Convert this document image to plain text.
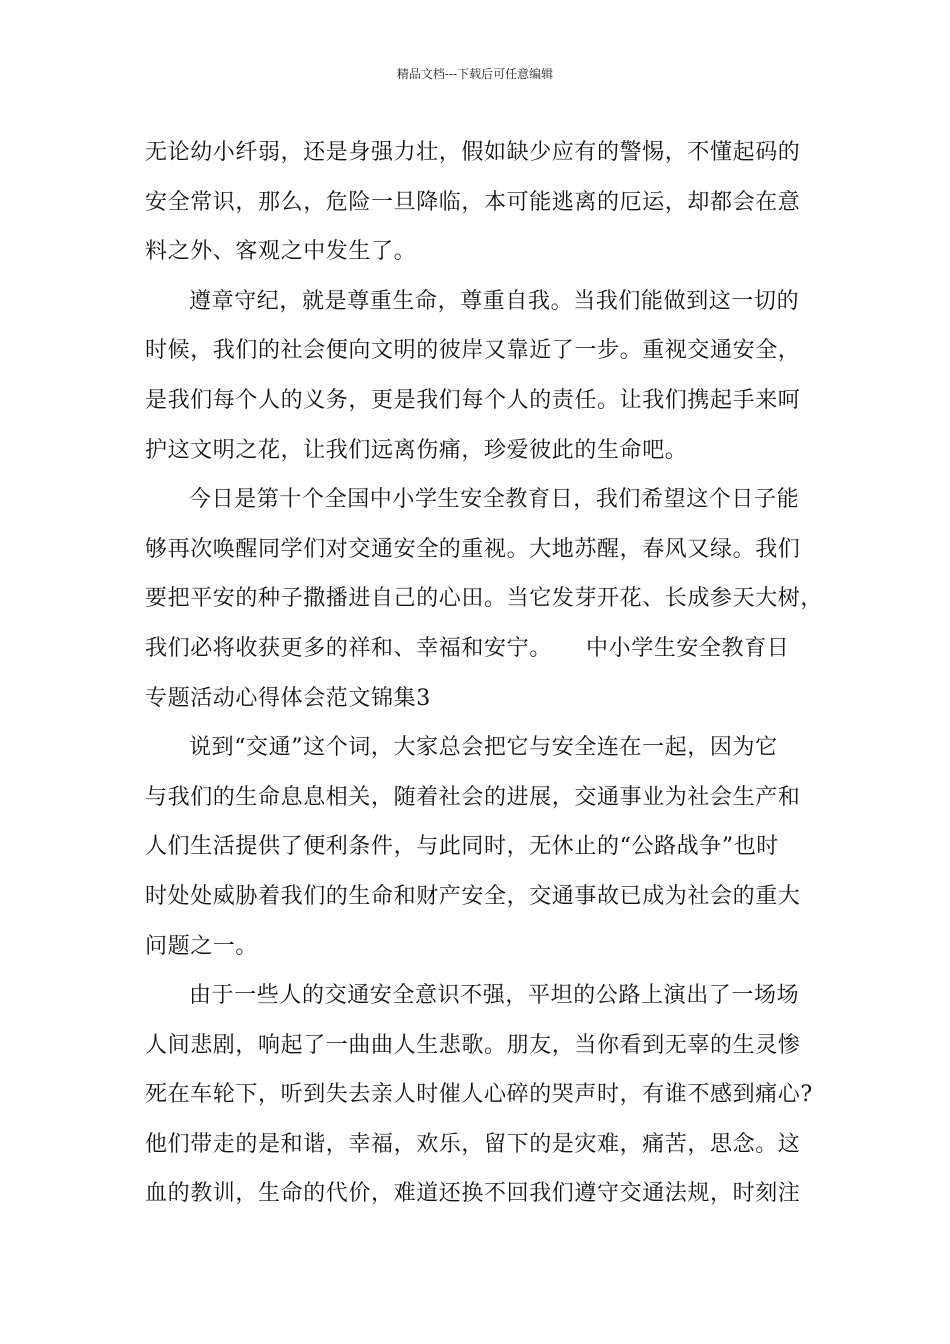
精品文档---下载后可任意编辑
无论幼小纤弱，还是身强力壮，假如缺少应有的警惕，不懂起码的
安全常识，那么，危险一旦降临，本可能逃离的厄运，却都会在意
料之外、客观之中发生了。
遵章守纪，就是尊重生命，尊重自我。当我们能做到这一切的
时候，我们的社会便向文明的彼岸又靠近了一步。重视交通安全，
是我们每个人的义务，更是我们每个人的责任。让我们携起手来呵
护这文明之花，让我们远离伤痛，珍爱彼此的生命吧。
今日是第十个全国中小学生安全教育日，我们希望这个日子能
够再次唤醒同学们对交通安全的重视。大地苏醒，春风又绿。我们
要把平安的种子撒播进自己的心田。当它发芽开花、长成参天大树，
我们必将收获更多的祥和、幸福和安宁。　　中小学生安全教育日
专题活动心得体会范文锦集3
说到“交通”这个词，大家总会把它与安全连在一起，因为它
与我们的生命息息相关，随着社会的进展，交通事业为社会生产和
人们生活提供了便利条件，与此同时，无休止的“公路战争”也时
时处处威胁着我们的生命和财产安全，交通事故已成为社会的重大
问题之一。
由于一些人的交通安全意识不强，平坦的公路上演出了一场场
人间悲剧，响起了一曲曲人生悲歌。朋友，当你看到无辜的生灵惨
死在车轮下，听到失去亲人时催人心碎的哭声时，有谁不感到痛心?
他们带走的是和谐，幸福，欢乐，留下的是灾难，痛苦，思念。这
血的教训，生命的代价，难道还换不回我们遵守交通法规，时刻注
